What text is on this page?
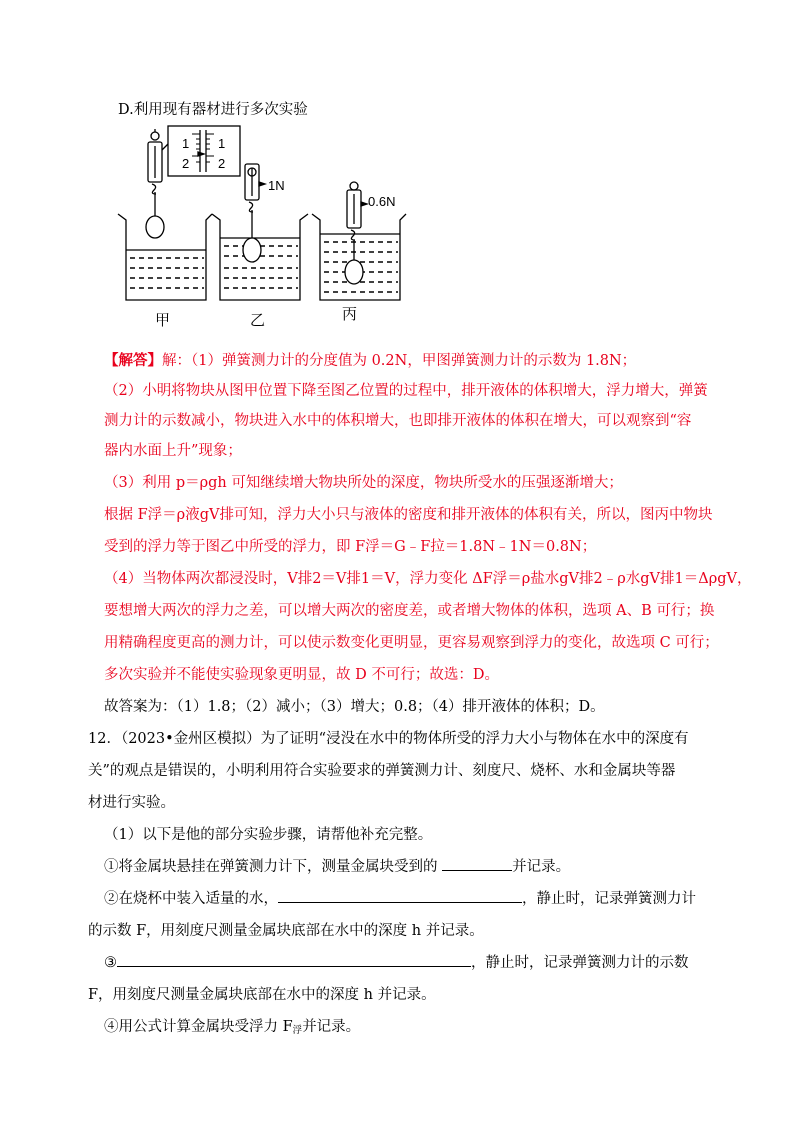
D.利用现有器材进行多次实验
1
2
1
2
1N
0.6N
甲	乙	丙
【解答】解：（1）弹簧测力计的分度值为 0.2N，甲图弹簧测力计的示数为 1.8N；
（2）小明将物块从图甲位置下降至图乙位置的过程中，排开液体的体积增大，浮力增大，弹簧
测力计的示数减小，物块进入水中的体积增大，也即排开液体的体积在增大，可以观察到“容
器内水面上升”现象；
（3）利用 p＝ρgh 可知继续增大物块所处的深度，物块所受水的压强逐渐增大；
根据 F浮＝ρ液gV排可知，浮力大小只与液体的密度和排开液体的体积有关，所以，图丙中物块
受到的浮力等于图乙中所受的浮力，即 F浮＝G﹣F拉＝1.8N﹣1N＝0.8N；
（4）当物体两次都浸没时，V排2＝V排1＝V，浮力变化 ΔF浮＝ρ盐水gV排2﹣ρ水gV排1＝ΔρgV，
要想增大两次的浮力之差，可以增大两次的密度差，或者增大物体的体积，选项 A、B 可行；换
用精确程度更高的测力计，可以使示数变化更明显，更容易观察到浮力的变化，故选项 C 可行；
多次实验并不能使实验现象更明显，故 D 不可行；故选：D。
故答案为：（1）1.8；（2）减小；（3）增大；0.8；（4）排开液体的体积；D。
12．（2023•金州区模拟）为了证明“浸没在水中的物体所受的浮力大小与物体在水中的深度有
关”的观点是错误的，小明利用符合实验要求的弹簧测力计、刻度尺、烧杯、水和金属块等器
材进行实验。
（1）以下是他的部分实验步骤，请帮他补充完整。
①将金属块悬挂在弹簧测力计下，测量金属块受到的	并记录。
②在烧杯中装入适量的水，	，静止时，记录弹簧测力计
的示数 F，用刻度尺测量金属块底部在水中的深度 h 并记录。
③	，静止时，记录弹簧测力计的示数
F，用刻度尺测量金属块底部在水中的深度 h 并记录。
④用公式计算金属块受浮力 $F_浮$并记录。
